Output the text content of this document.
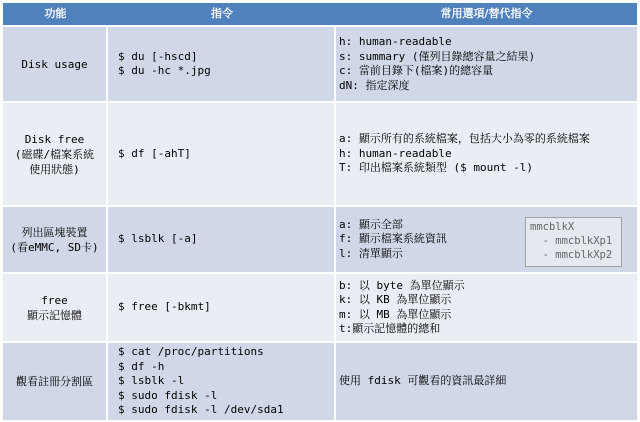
功能	指令	常用選項/替代指令
Disk usage
$ du [-hscd]
$ du -hc *.jpg
h: human-readable
s: summary (僅列目錄總容量之結果)
c: 當前目錄下(檔案)的總容量
dN: 指定深度
Disk free
(磁碟/檔案系統
使用狀態)
$ df [-ahT]
a: 顯示所有的系統檔案，包括大小為零的系統檔案
h: human-readable
T: 印出檔案系統類型 ($ mount -l)
列出區塊裝置
(看eMMC, SD卡)
$ lsblk [-a]
a: 顯示全部
f: 顯示檔案系統資訊
l: 清單顯示
mmcblkX
- mmcblkXp1
- mmcblkXp2
free
顯示記憶體
$ free [-bkmt]
b: 以 byte 為單位顯示
k: 以 KB 為單位顯示
m: 以 MB 為單位顯示
t:顯示記憶體的總和
觀看註冊分割區
$ cat /proc/partitions
$ df -h
$ lsblk -l
$ sudo fdisk -l
$ sudo fdisk -l /dev/sda1
使用 fdisk 可觀看的資訊最詳細
